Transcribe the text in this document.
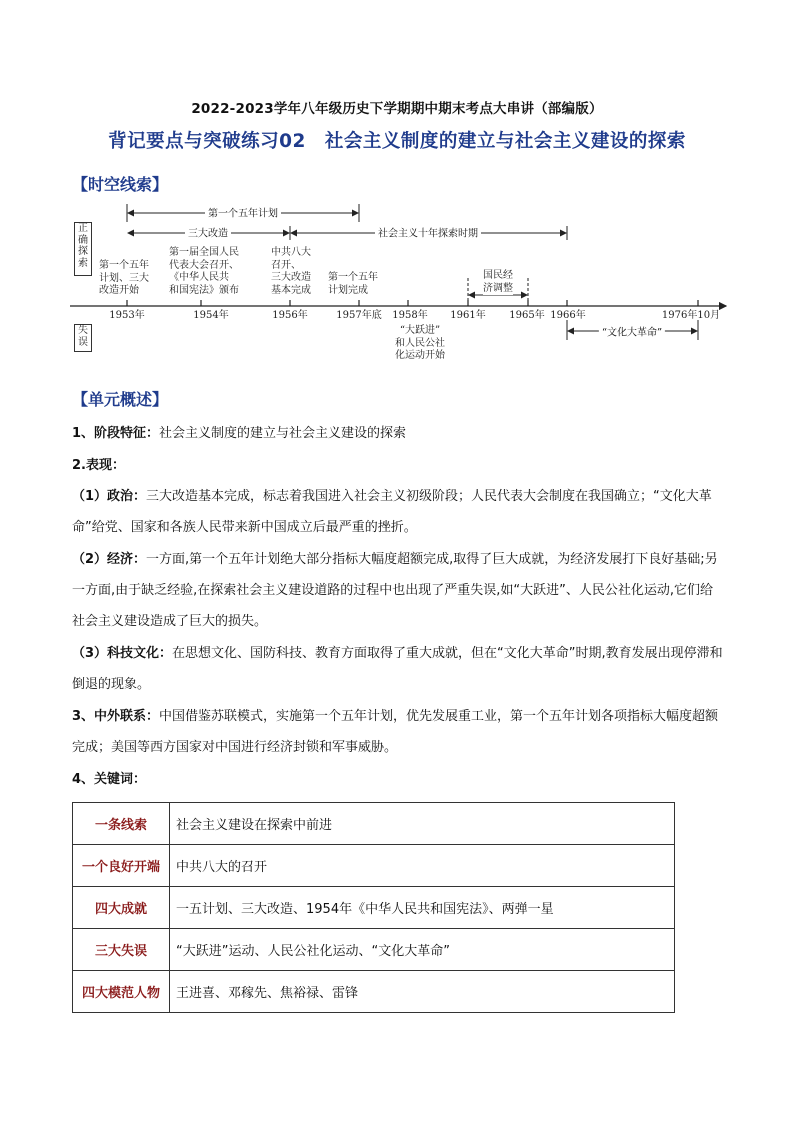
2022-2023学年八年级历史下学期期中期末考点大串讲（部编版）
背记要点与突破练习02　社会主义制度的建立与社会主义建设的探索
【时空线索】
正
确
探
索
失
误
第一个五年计划
三大改造	社会主义十年探索时期
国民经
济调整
“文化大革命”
第一个五年
计划、三大
改造开始
第一届全国人民
代表大会召开、
《中华人民共
和国宪法》颁布
中共八大
召开、
三大改造
基本完成
第一个五年
计划完成
“大跃进”
和人民公社
化运动开始
1953年	1954年	1956年	1957年底 1958年 1961年 1965年 1966年	1976年10月
【单元概述】
1、阶段特征：社会主义制度的建立与社会主义建设的探索
2.表现：
（1）政治：三大改造基本完成，标志着我国进入社会主义初级阶段；人民代表大会制度在我国确立；“文化大革命”给党、国家和各族人民带来新中国成立后最严重的挫折。
（2）经济：一方面,第一个五年计划绝大部分指标大幅度超额完成,取得了巨大成就，为经济发展打下良好基础;另一方面,由于缺乏经验,在探索社会主义建设道路的过程中也出现了严重失误,如“大跃进”、人民公社化运动,它们给社会主义建设造成了巨大的损失。
（3）科技文化：在思想文化、国防科技、教育方面取得了重大成就，但在“文化大革命”时期,教育发展出现停滞和倒退的现象。
3、中外联系：中国借鉴苏联模式，实施第一个五年计划，优先发展重工业，第一个五年计划各项指标大幅度超额完成；美国等西方国家对中国进行经济封锁和军事威胁。
4、关键词：
一条线索	社会主义建设在探索中前进
一个良好开端	中共八大的召开
四大成就	一五计划、三大改造、1954年《中华人民共和国宪法》、两弹一星
三大失误	“大跃进”运动、人民公社化运动、“文化大革命”
四大模范人物	王进喜、邓稼先、焦裕禄、雷锋
